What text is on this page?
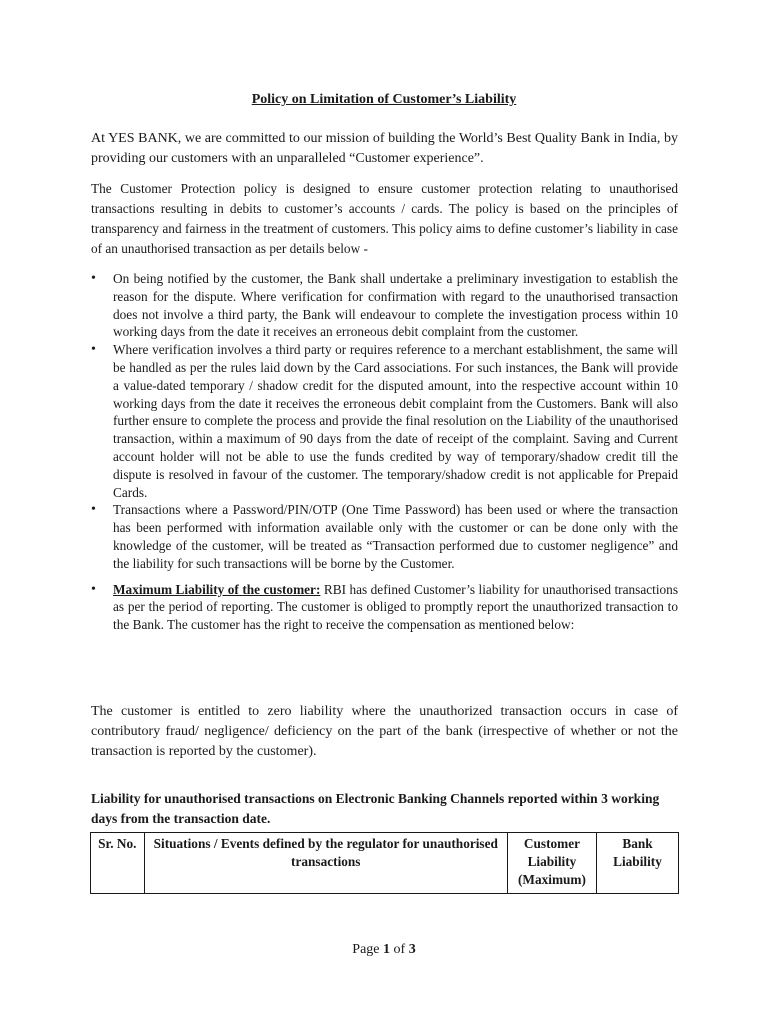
Policy on Limitation of Customer’s Liability
At YES BANK, we are committed to our mission of building the World’s Best Quality Bank in India, by providing our customers with an unparalleled “Customer experience”.
The Customer Protection policy is designed to ensure customer protection relating to unauthorised transactions resulting in debits to customer’s accounts / cards. The policy is based on the principles of transparency and fairness in the treatment of customers. This policy aims to define customer’s liability in case of an unauthorised transaction as per details below -
• On being notified by the customer, the Bank shall undertake a preliminary investigation to establish the reason for the dispute. Where verification for confirmation with regard to the unauthorised transaction does not involve a third party, the Bank will endeavour to complete the investigation process within 10 working days from the date it receives an erroneous debit complaint from the customer.
• Where verification involves a third party or requires reference to a merchant establishment, the same will be handled as per the rules laid down by the Card associations. For such instances, the Bank will provide a value-dated temporary / shadow credit for the disputed amount, into the respective account within 10 working days from the date it receives the erroneous debit complaint from the Customers. Bank will also further ensure to complete the process and provide the final resolution on the Liability of the unauthorised transaction, within a maximum of 90 days from the date of receipt of the complaint. Saving and Current account holder will not be able to use the funds credited by way of temporary/shadow credit till the dispute is resolved in favour of the customer. The temporary/shadow credit is not applicable for Prepaid Cards.
• Transactions where a Password/PIN/OTP (One Time Password) has been used or where the transaction has been performed with information available only with the customer or can be done only with the knowledge of the customer, will be treated as “Transaction performed due to customer negligence” and the liability for such transactions will be borne by the Customer.
• Maximum Liability of the customer: RBI has defined Customer’s liability for unauthorised transactions as per the period of reporting. The customer is obliged to promptly report the unauthorized transaction to the Bank. The customer has the right to receive the compensation as mentioned below:
The customer is entitled to zero liability where the unauthorized transaction occurs in case of contributory fraud/ negligence/ deficiency on the part of the bank (irrespective of whether or not the transaction is reported by the customer).
Liability for unauthorised transactions on Electronic Banking Channels reported within 3 working days from the transaction date.
Sr. No.	Situations / Events defined by the regulator for unauthorised transactions	Customer Liability (Maximum)	Bank Liability
Page 1 of 3
